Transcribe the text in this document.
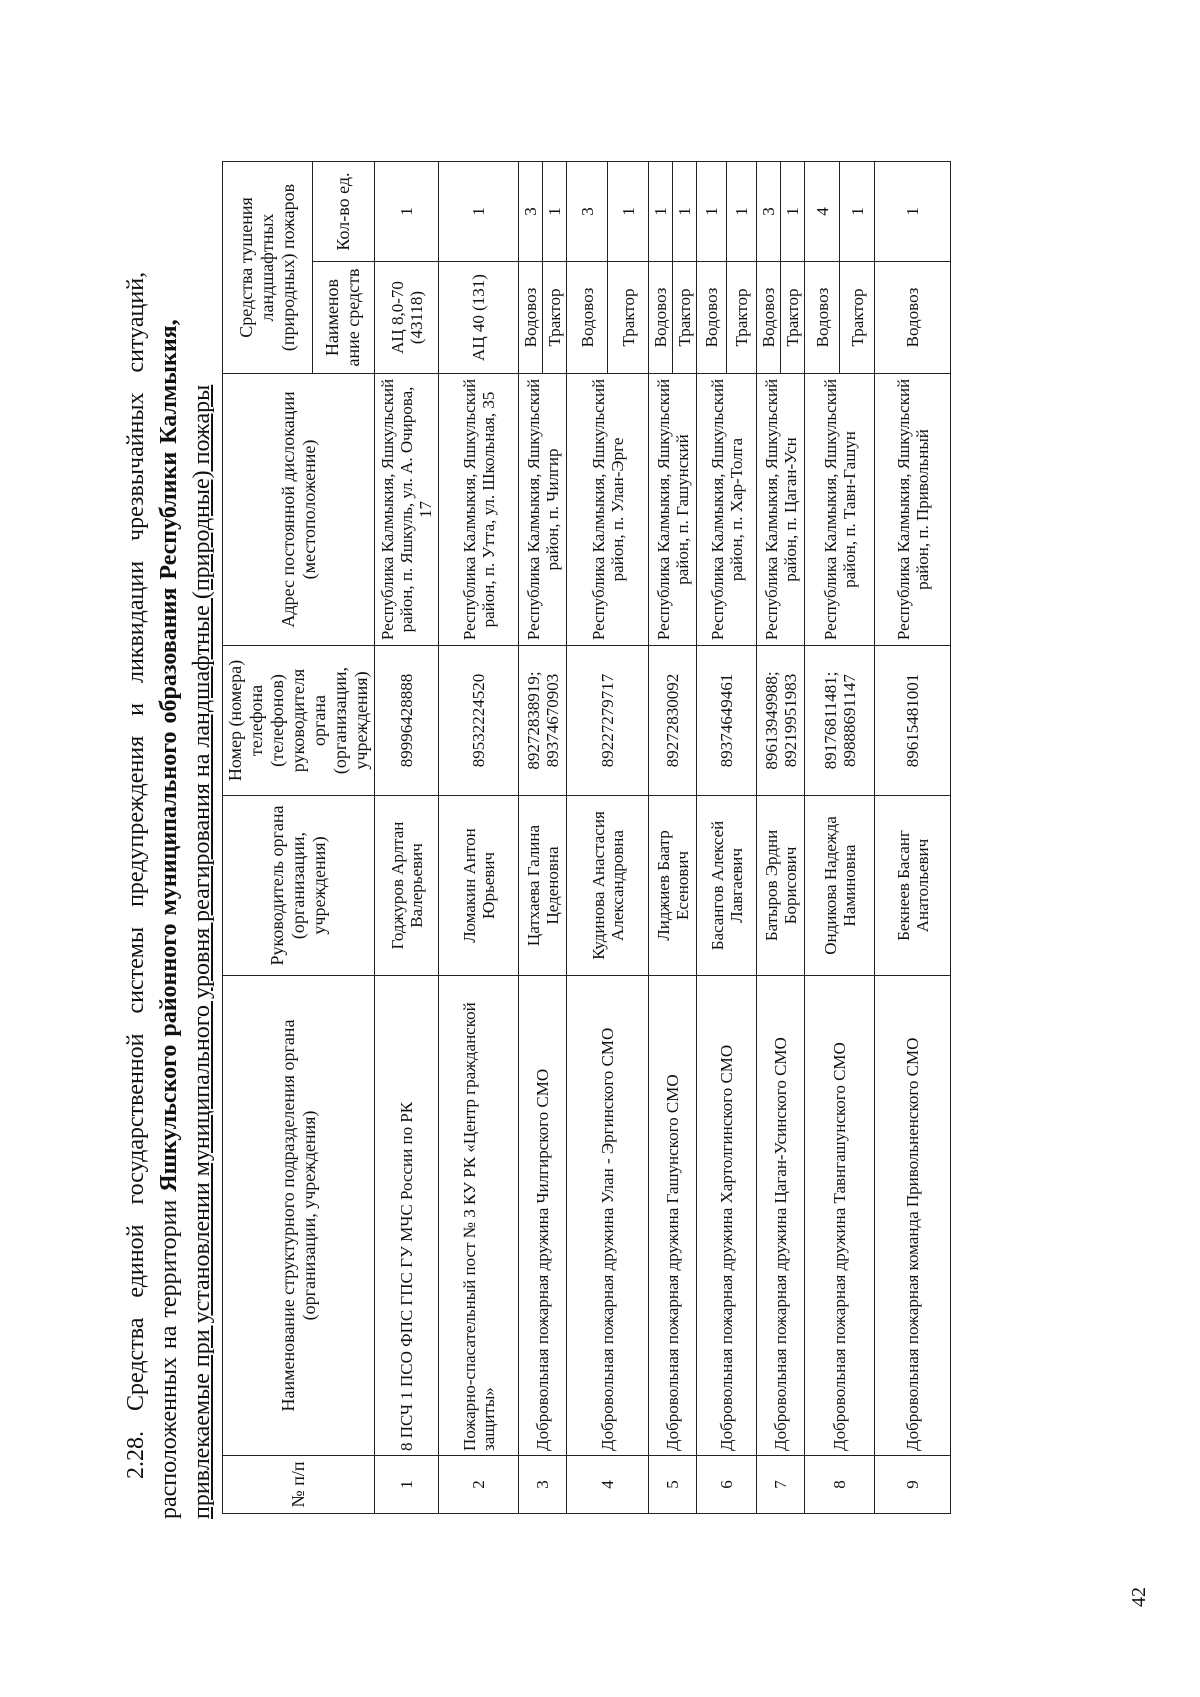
42

2.28. Средства единой государственной системы предупреждения и ликвидации чрезвычайных ситуаций, расположенных на территории Яшкульского районного муниципального образования Республики Калмыкия, привлекаемые при установлении муниципального уровня реагирования на ландшафтные (природные) пожары	№ п/п	Наименование структурного подразделения органа (организации, учреждения)	Руководитель органа (организации, учреждения)	Номер (номера) телефона (телефонов) руководителя органа (организации, учреждения)	Адрес постоянной дислокации (местоположение)	Средства тушения ландшафтных (природных) пожаров	
					Наименов ание средств	Кол-во ед.
1	8 ПСЧ 1 ПСО ФПС ГПС ГУ МЧС России по РК	Годжуров Арлтан Валерьевич	89996428888	Республика Калмыкия, Яшкульский район, п. Яшкуль, ул. А. Очирова, 17	АЦ 8,0-70 (43118)	1
2	Пожарно-спасательный пост № 3 КУ РК «Центр гражданской защиты»	Ломакин Антон Юрьевич	89532224520	Республика Калмыкия, Яшкульский район, п. Утта, ул. Школьная, 35	АЦ 40 (131)	1
3	Добровольная пожарная дружина Чилгирского СМО	Цатхаева Галина Цеденовна	89272838919; 89374670903	Республика Калмыкия, Яшкульский район, п. Чилгир	Водовоз	3
					Трактор	1
4	Добровольная пожарная дружина Улан - Эргинского СМО	Кудинова Анастасия Александровна	89227279717	Республика Калмыкия, Яшкульский район, п. Улан-Эрге	Водовоз	3
					Трактор	1
5	Добровольная пожарная дружина Гашунского СМО	Лиджиев Баатр Есенович	89272830092	Республика Калмыкия, Яшкульский район, п. Гашунский	Водовоз	1
					Трактор	1
6	Добровольная пожарная дружина Хартолгинского СМО	Басангов Алексей Лавгаевич	89374649461	Республика Калмыкия, Яшкульский район, п. Хар-Толга	Водовоз	1
					Трактор	1
7	Добровольная пожарная дружина Цаган-Усинского СМО	Батыров Эрдни Борисович	89613949988; 89219951983	Республика Калмыкия, Яшкульский район, п. Цаган-Усн	Водовоз	3
					Трактор	1
8	Добровольная пожарная дружина Тавнгашунского СМО	Ондикова Надежда Наминовна	89176811481; 89888691147	Республика Калмыкия, Яшкульский район, п. Тавн-Гашун	Водовоз	4
					Трактор	1
9	Добровольная пожарная команда Привольненского СМО	Бекнеев Басанг Анатольевич	89615481001	Республика Калмыкия, Яшкульский район, п. Привольный	Водовоз	1
